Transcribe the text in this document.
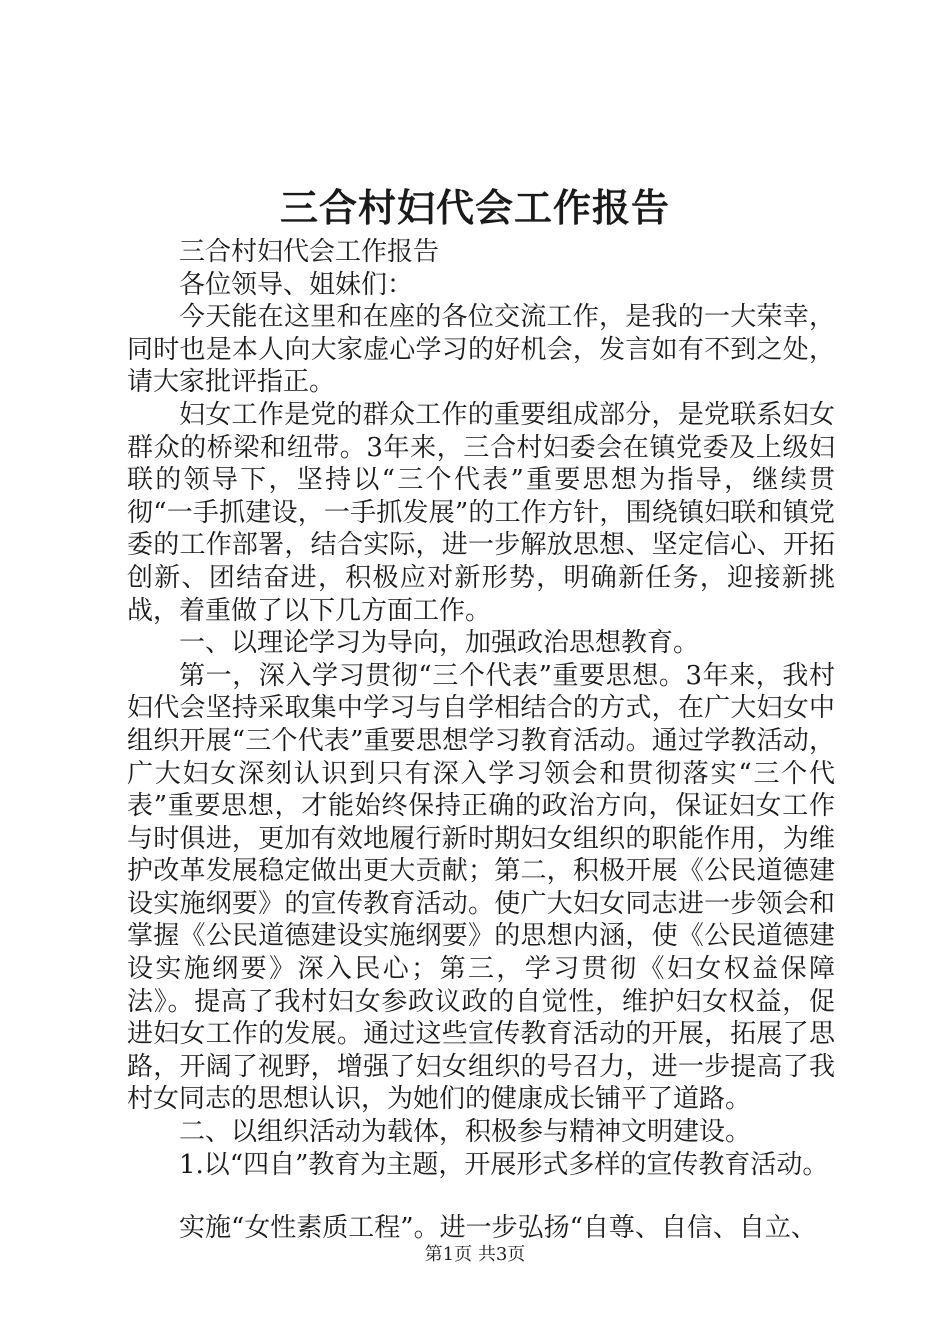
三合村妇代会工作报告

三合村妇代会工作报告

各位领导、姐妹们：

今天能在这里和在座的各位交流工作，是我的一大荣幸，同时也是本人向大家虚心学习的好机会，发言如有不到之处，请大家批评指正。

妇女工作是党的群众工作的重要组成部分，是党联系妇女群众的桥梁和纽带。3年来，三合村妇委会在镇党委及上级妇联的领导下，坚持以“三个代表”重要思想为指导，继续贯彻“一手抓建设，一手抓发展”的工作方针，围绕镇妇联和镇党委的工作部署，结合实际，进一步解放思想、坚定信心、开拓创新、团结奋进，积极应对新形势，明确新任务，迎接新挑战，着重做了以下几方面工作。

一、以理论学习为导向，加强政治思想教育。

第一，深入学习贯彻“三个代表”重要思想。3年来，我村妇代会坚持采取集中学习与自学相结合的方式，在广大妇女中组织开展“三个代表”重要思想学习教育活动。通过学教活动，广大妇女深刻认识到只有深入学习领会和贯彻落实“三个代表”重要思想，才能始终保持正确的政治方向，保证妇女工作与时俱进，更加有效地履行新时期妇女组织的职能作用，为维护改革发展稳定做出更大贡献；第二，积极开展《公民道德建设实施纲要》的宣传教育活动。使广大妇女同志进一步领会和掌握《公民道德建设实施纲要》的思想内涵，使《公民道德建设实施纲要》深入民心；第三，学习贯彻《妇女权益保障法》。提高了我村妇女参政议政的自觉性，维护妇女权益，促进妇女工作的发展。通过这些宣传教育活动的开展，拓展了思路，开阔了视野，增强了妇女组织的号召力，进一步提高了我村女同志的思想认识，为她们的健康成长铺平了道路。

二、以组织活动为载体，积极参与精神文明建设。

1.以“四自”教育为主题，开展形式多样的宣传教育活动。

实施“女性素质工程”。进一步弘扬“自尊、自信、自立、

第1页 共3页
